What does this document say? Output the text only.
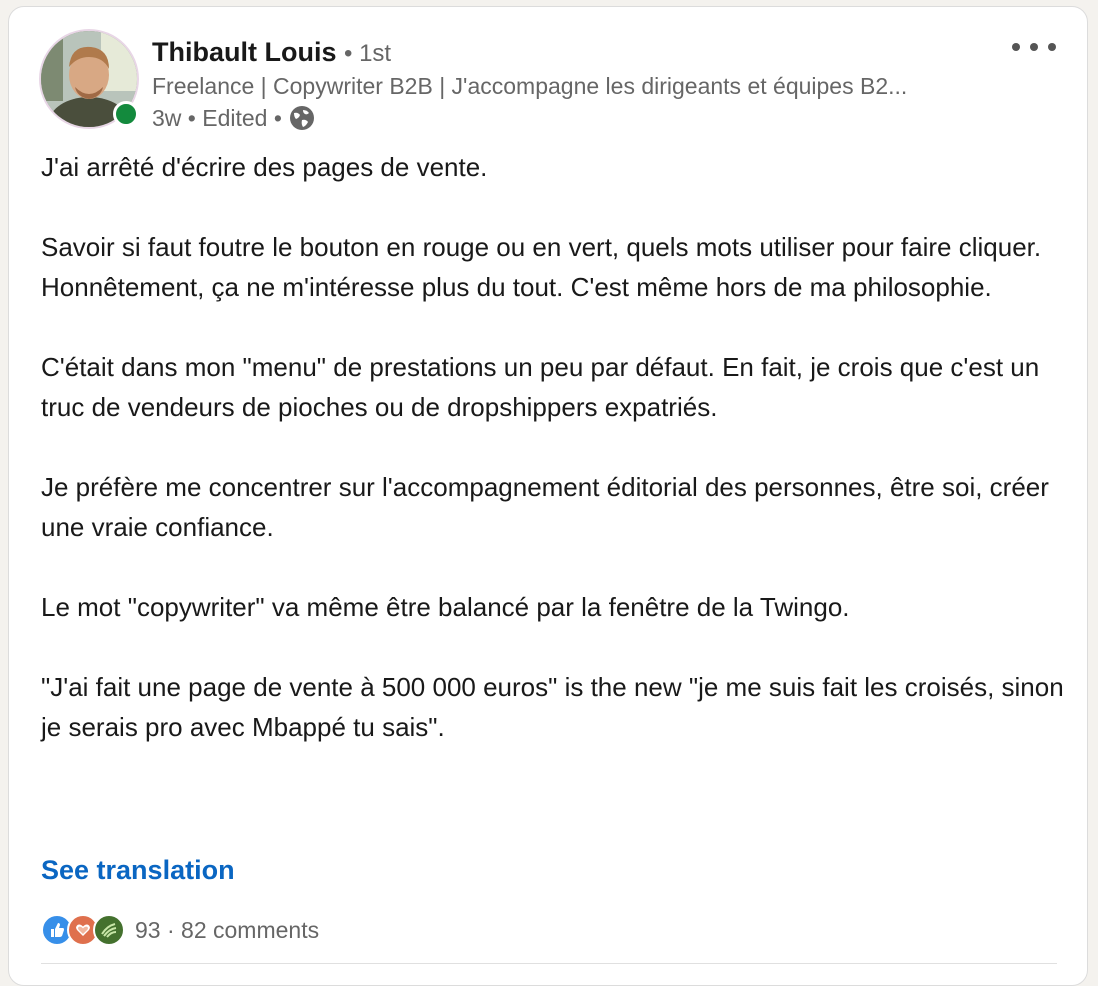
Thibault Louis • 1st
Freelance | Copywriter B2B | J'accompagne les dirigeants et équipes B2...
3w
•
Edited
•

J'ai arrêté d'écrire des pages de vente.

Savoir si faut foutre le bouton en rouge ou en vert, quels mots utiliser pour faire cliquer.
Honnêtement, ça ne m'intéresse plus du tout. C'est même hors de ma philosophie.

C'était dans mon "menu" de prestations un peu par défaut. En fait, je crois que c'est un truc de vendeurs de pioches ou de dropshippers expatriés.

Je préfère me concentrer sur l'accompagnement éditorial des personnes, être soi, créer une vraie confiance.

Le mot "copywriter" va même être balancé par la fenêtre de la Twingo.

"J'ai fait une page de vente à 500 000 euros" is the new "je me suis fait les croisés, sinon je serais pro avec Mbappé tu sais".

See translation
93
·
82 comments
